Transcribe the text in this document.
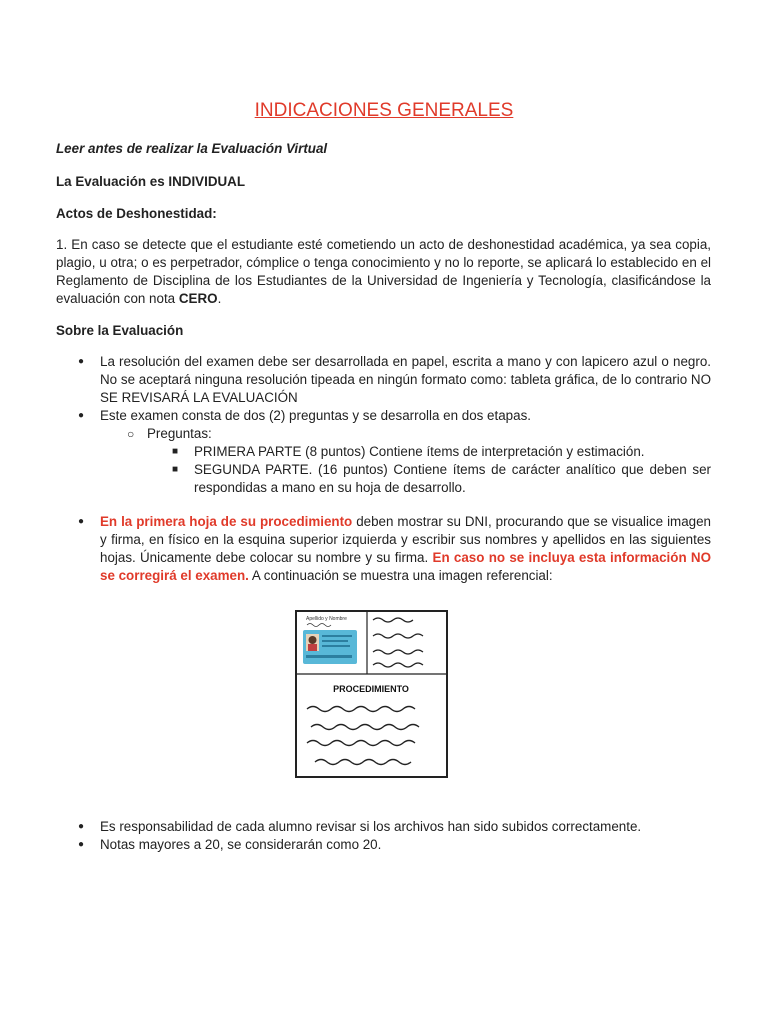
INDICACIONES GENERALES
Leer antes de realizar la Evaluación Virtual
La Evaluación es INDIVIDUAL
Actos de Deshonestidad:
1. En caso se detecte que el estudiante esté cometiendo un acto de deshonestidad académica, ya sea copia, plagio, u otra; o es perpetrador, cómplice o tenga conocimiento y no lo reporte, se aplicará lo establecido en el Reglamento de Disciplina de los Estudiantes de la Universidad de Ingeniería y Tecnología, clasificándose la evaluación con nota CERO.
Sobre la Evaluación
● La resolución del examen debe ser desarrollada en papel, escrita a mano y con lapicero azul o negro. No se aceptará ninguna resolución tipeada en ningún formato como: tableta gráfica, de lo contrario NO SE REVISARÁ LA EVALUACIÓN
● Este examen consta de dos (2) preguntas y se desarrolla en dos etapas.
○ Preguntas:
■ PRIMERA PARTE (8 puntos) Contiene ítems de interpretación y estimación.
■ SEGUNDA PARTE. (16 puntos) Contiene ítems de carácter analítico que deben ser respondidas a mano en su hoja de desarrollo.
● En la primera hoja de su procedimiento deben mostrar su DNI, procurando que se visualice imagen y firma, en físico en la esquina superior izquierda y escribir sus nombres y apellidos en las siguientes hojas. Únicamente debe colocar su nombre y su firma. En caso no se incluya esta información NO se corregirá el examen. A continuación se muestra una imagen referencial:
Apellido y Nombre
PROCEDIMIENTO
● Es responsabilidad de cada alumno revisar si los archivos han sido subidos correctamente.
● Notas mayores a 20, se considerarán como 20.
